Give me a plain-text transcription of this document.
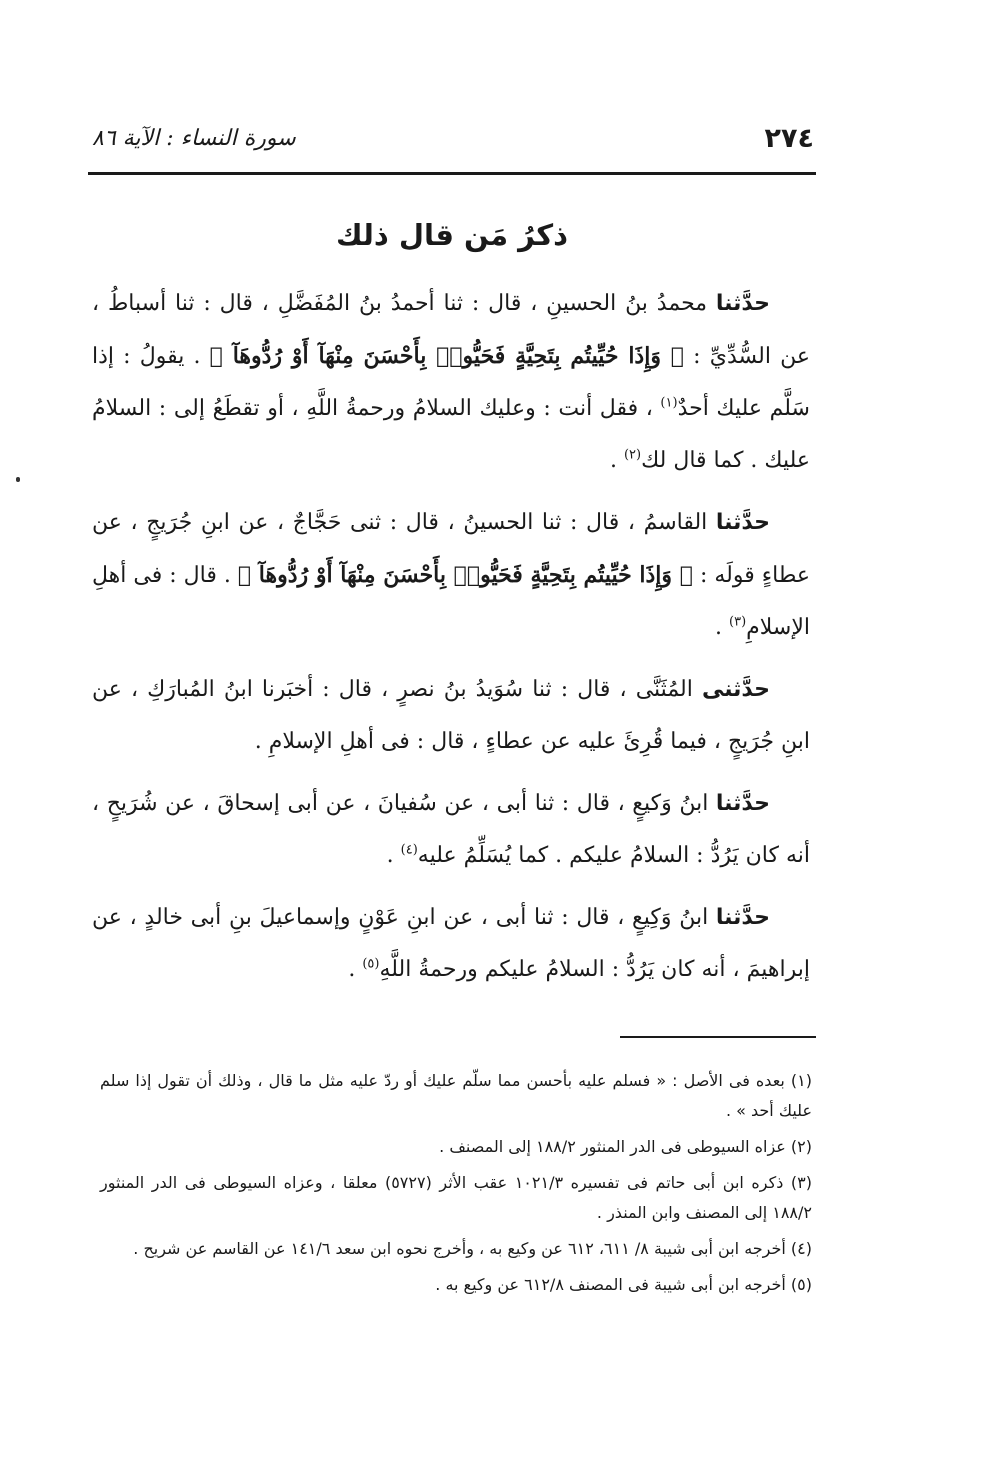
٢٧٤
سورة النساء : الآية ٨٦
ذكرُ مَن قال ذلك

حدَّثنا محمدُ بنُ الحسينِ ، قال : ثنا أحمدُ بنُ المُفَضَّلِ ، قال : ثنا أسباطُ ، عن السُّدِّيِّ : ﴿ وَإِذَا حُيِّيتُم بِتَحِيَّةٍ فَحَيُّوا۟ بِأَحْسَنَ مِنْهَآ أَوْ رُدُّوهَآ ﴾ . يقولُ : إذا سَلَّم عليك أحدٌ$^{(١)}$ ، فقل أنت : وعليك السلامُ ورحمةُ اللَّهِ ، أو تقطَعُ إلى : السلامُ عليك . كما قال لك$^{(٢)}$ .

حدَّثنا القاسمُ ، قال : ثنا الحسينُ ، قال : ثنى حَجَّاجٌ ، عن ابنِ جُرَيجٍ ، عن عطاءٍ قولَه : ﴿ وَإِذَا حُيِّيتُم بِتَحِيَّةٍ فَحَيُّوا۟ بِأَحْسَنَ مِنْهَآ أَوْ رُدُّوهَآ ﴾ . قال : فى أهلِ الإسلامِ$^{(٣)}$ .

حدَّثنى المُثَنَّى ، قال : ثنا سُوَيدُ بنُ نصرٍ ، قال : أخبَرنا ابنُ المُبارَكِ ، عن ابنِ جُرَيجٍ ، فيما قُرِئَ عليه عن عطاءٍ ، قال : فى أهلِ الإسلامِ .

حدَّثنا ابنُ وَكيعٍ ، قال : ثنا أبى ، عن سُفيانَ ، عن أبى إسحاقَ ، عن شُرَيحٍ ، أنه كان يَرُدُّ : السلامُ عليكم . كما يُسَلِّمُ عليه$^{(٤)}$ .

حدَّثنا ابنُ وَكِيعٍ ، قال : ثنا أبى ، عن ابنِ عَوْنٍ وإسماعيلَ بنِ أبى خالدٍ ، عن إبراهيمَ ، أنه كان يَرُدُّ : السلامُ عليكم ورحمةُ اللَّهِ$^{(٥)}$ .

(١) بعده فى الأصل : « فسلم عليه بأحسن مما سلّم عليك أو ردّ عليه مثل ما قال ، وذلك أن تقول إذا سلم عليك أحد » .
(٢) عزاه السيوطى فى الدر المنثور ١٨٨/٢ إلى المصنف .
(٣) ذكره ابن أبى حاتم فى تفسيره ١٠٢١/٣ عقب الأثر (٥٧٢٧) معلقا ، وعزاه السيوطى فى الدر المنثور ١٨٨/٢ إلى المصنف وابن المنذر .
(٤) أخرجه ابن أبى شيبة ٨/ ٦١١، ٦١٢ عن وكيع به ، وأخرج نحوه ابن سعد ١٤١/٦ عن القاسم عن شريح .
(٥) أخرجه ابن أبى شيبة فى المصنف ٦١٢/٨ عن وكيع به .
